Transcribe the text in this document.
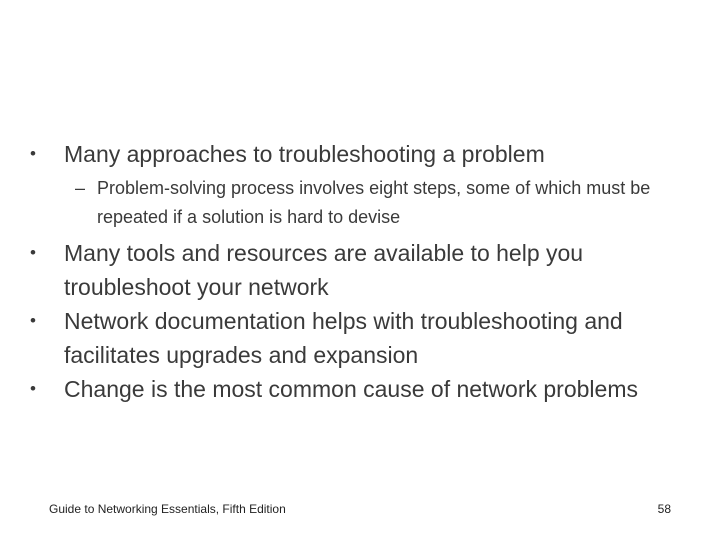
• Many approaches to troubleshooting a problem
– Problem-solving process involves eight steps, some of which must be repeated if a solution is hard to devise
• Many tools and resources are available to help you troubleshoot your network
• Network documentation helps with troubleshooting and facilitates upgrades and expansion
• Change is the most common cause of network problems
Guide to Networking Essentials, Fifth Edition	58
